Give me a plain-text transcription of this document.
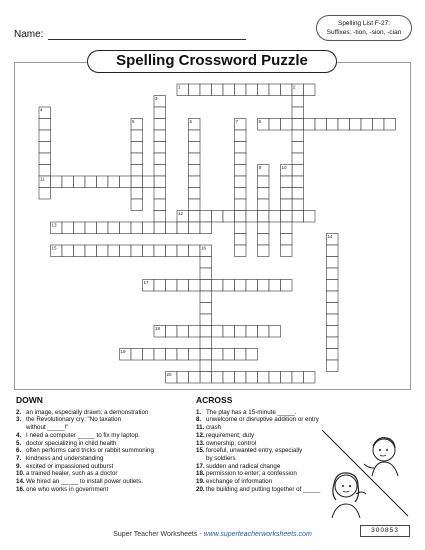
Name:
Spelling List F-27:
Suffixes: -tion, -sion, -cian
Spelling Crossword Puzzle
1	2
3
4
5	6	7	8
9	10
11
12
13
14
15	16
17
18
19
20
DOWN
2. an image, especially drawn; a demonstration
3. the Revolutionary cry: "No taxation
without _____!"
4. I need a computer _____ to fix my laptop.
5. doctor specializing in child health
6. often performs card tricks or rabbit summoning
7. kindness and understanding
9. excited or impassioned outburst
10. a trained healer, such as a doctor
14. We hired an _____ to install power outlets.
16. one who works in government
ACROSS
1. The play has a 15-minute _____.
8. unwelcome or disruptive addition or entry
11. crash
12. requirement; duty
13. ownership; control
15. forceful, unwanted entry, especially
by soldiers
17. sudden and radical change
18. permission to enter; a confession
19. exchange of information
20. the building and putting together of _____
Super Teacher Worksheets - www.superteacherworksheets.com
300853
